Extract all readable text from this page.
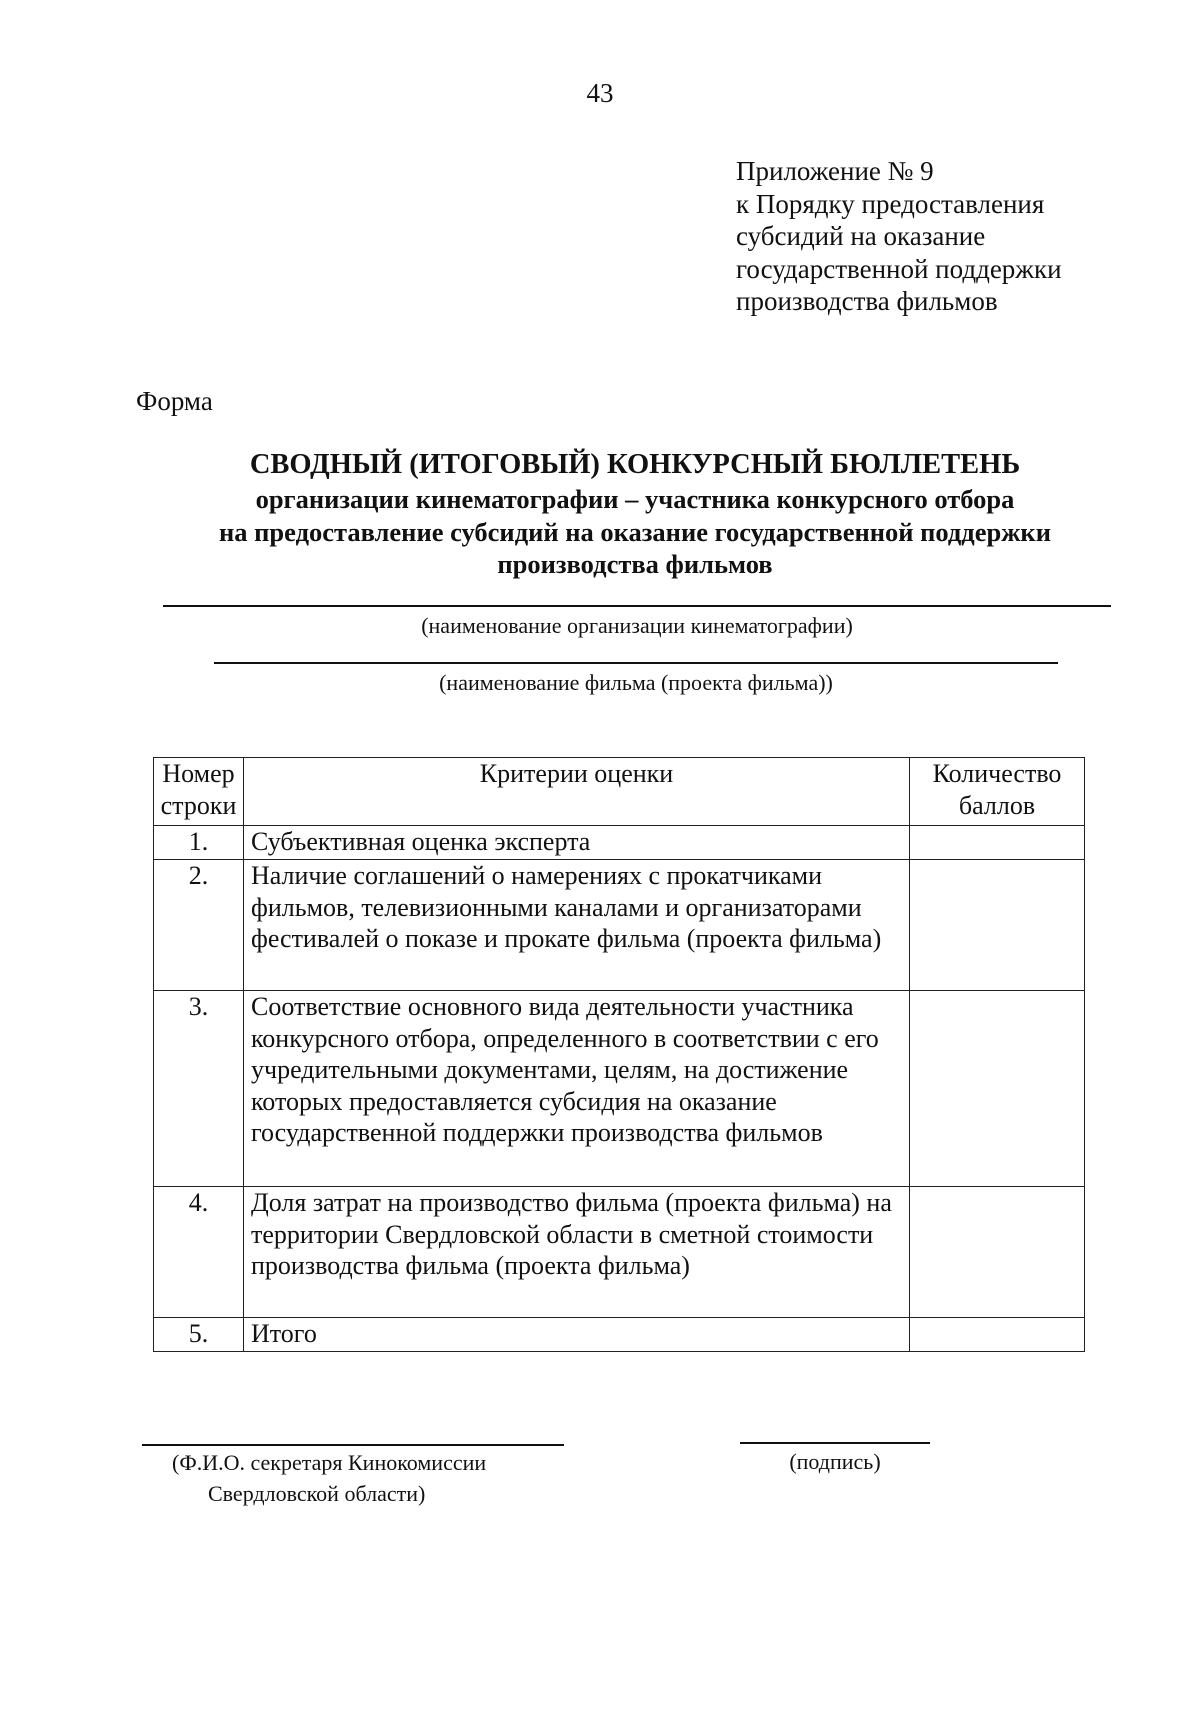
43
Приложение № 9
к Порядку предоставления
субсидий на оказание
государственной поддержки
производства фильмов
Форма
СВОДНЫЙ (ИТОГОВЫЙ) КОНКУРСНЫЙ БЮЛЛЕТЕНЬ
организации кинематографии – участника конкурсного отбора
на предоставление субсидий на оказание государственной поддержки
производства фильмов
(наименование организации кинематографии)
(наименование фильма (проекта фильма))
Номер строки	Критерии оценки	Количество баллов
1.	Субъективная оценка эксперта	
2.	Наличие соглашений о намерениях с прокатчиками фильмов, телевизионными каналами и организаторами фестивалей о показе и прокате фильма (проекта фильма)	
3.	Соответствие основного вида деятельности участника конкурсного отбора, определенного в соответствии с его учредительными документами, целям, на достижение которых предоставляется субсидия на оказание государственной поддержки производства фильмов	
4.	Доля затрат на производство фильма (проекта фильма) на территории Свердловской области в сметной стоимости производства фильма (проекта фильма)	
5.	Итого	
(Ф.И.О. секретаря Кинокомиссии
Свердловской области)
(подпись)
